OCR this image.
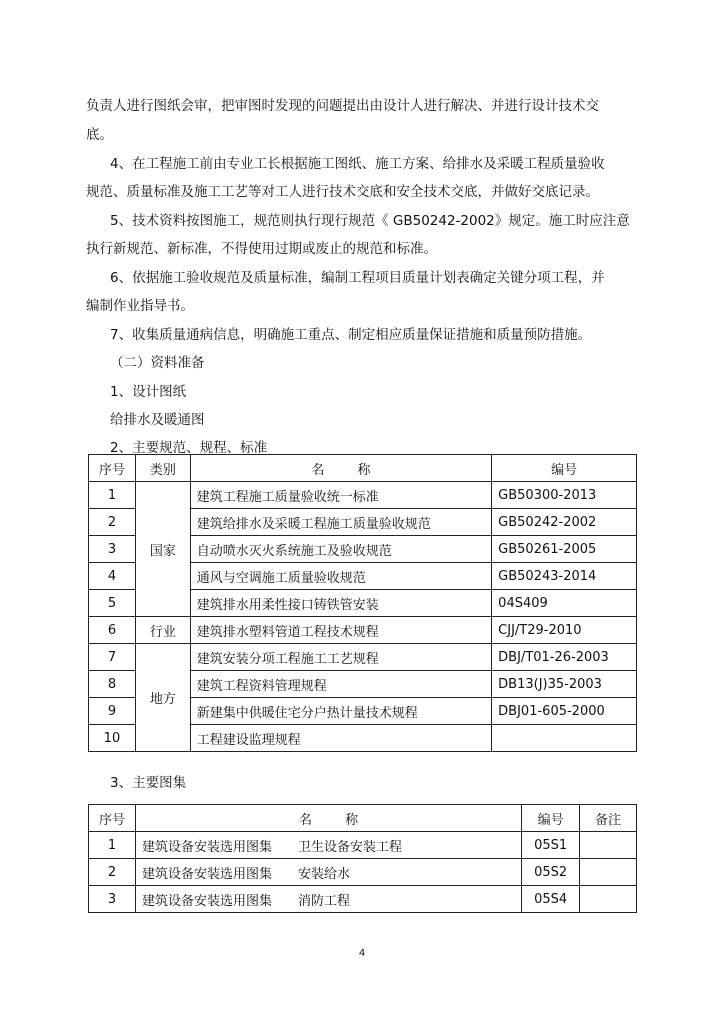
负责人进行图纸会审，把审图时发现的问题提出由设计人进行解决、并进行设计技术交
底。
4、在工程施工前由专业工长根据施工图纸、施工方案、给排水及采暖工程质量验收
规范、质量标准及施工工艺等对工人进行技术交底和安全技术交底，并做好交底记录。
5、技术资料按图施工，规范则执行现行规范《 GB50242-2002》规定。施工时应注意
执行新规范、新标准，不得使用过期或废止的规范和标准。
6、依据施工验收规范及质量标准，编制工程项目质量计划表确定关键分项工程，并
编制作业指导书。
7、收集质量通病信息，明确施工重点、制定相应质量保证措施和质量预防措施。
（二）资料准备
1、设计图纸
给排水及暖通图
2、主要规范、规程、标准
序号	类别	名        称	编号
1	国家	建筑工程施工质量验收统一标准	GB50300-2013
2		建筑给排水及采暖工程施工质量验收规范	GB50242-2002
3		自动喷水灭火系统施工及验收规范	GB50261-2005
4		通风与空调施工质量验收规范	GB50243-2014
5		建筑排水用柔性接口铸铁管安装	04S409
6	行业	建筑排水塑料管道工程技术规程	CJJ/T29-2010
7	地方	建筑安装分项工程施工工艺规程	DBJ/T01-26-2003
8		建筑工程资料管理规程	DB13(J)35-2003
9		新建集中供暖住宅分户热计量技术规程	DBJ01-605-2000
10		工程建设监理规程	
3、主要图集
序号	名        称	编号	备注
1	建筑设备安装选用图集 卫生设备安装工程	05S1	
2	建筑设备安装选用图集 安装给水	05S2	
3	建筑设备安装选用图集 消防工程	05S4	
4
